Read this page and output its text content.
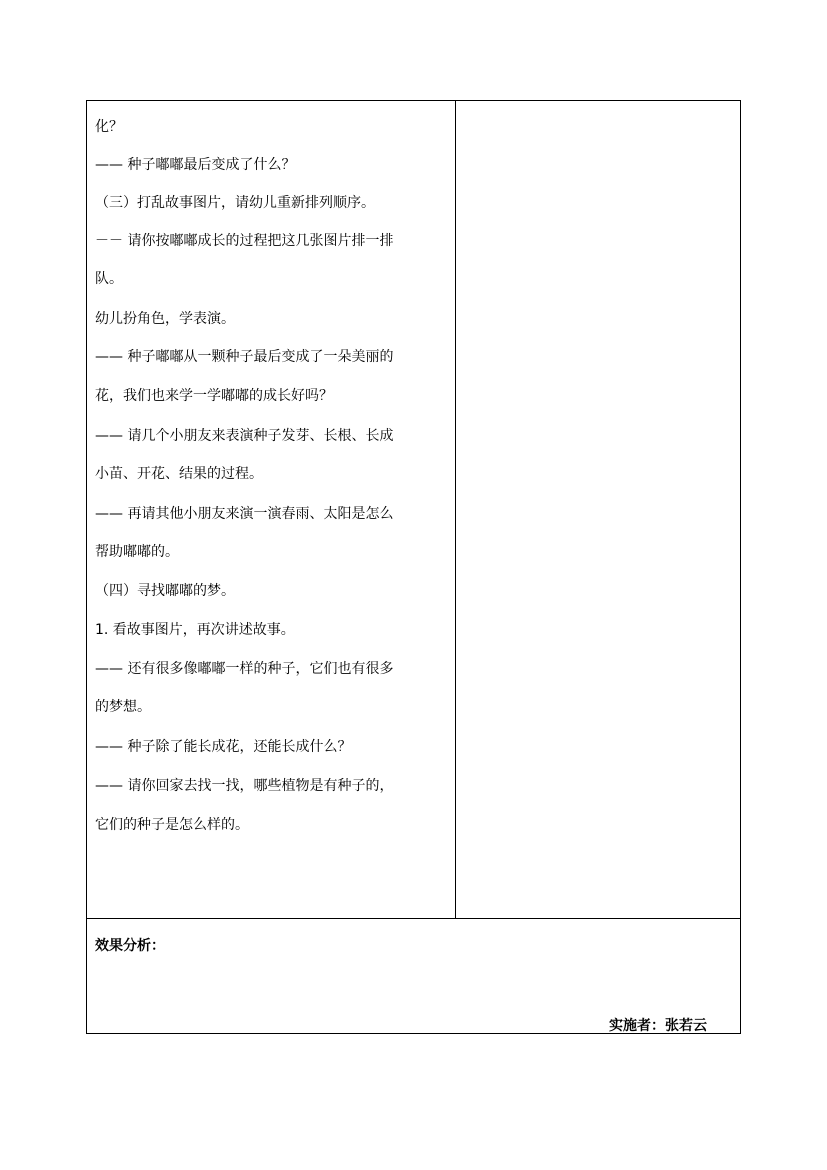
化？
—— 种子嘟嘟最后变成了什么？
（三）打乱故事图片，请幼儿重新排列顺序。
－－ 请你按嘟嘟成长的过程把这几张图片排一排
队。
幼儿扮角色，学表演。
—— 种子嘟嘟从一颗种子最后变成了一朵美丽的
花，我们也来学一学嘟嘟的成长好吗？
—— 请几个小朋友来表演种子发芽、长根、长成
小苗、开花、结果的过程。
—— 再请其他小朋友来演一演春雨、太阳是怎么
帮助嘟嘟的。
（四）寻找嘟嘟的梦。
1. 看故事图片，再次讲述故事。
—— 还有很多像嘟嘟一样的种子，它们也有很多
的梦想。
—— 种子除了能长成花，还能长成什么？
—— 请你回家去找一找，哪些植物是有种子的，
它们的种子是怎么样的。
效果分析：
实施者：张若云
